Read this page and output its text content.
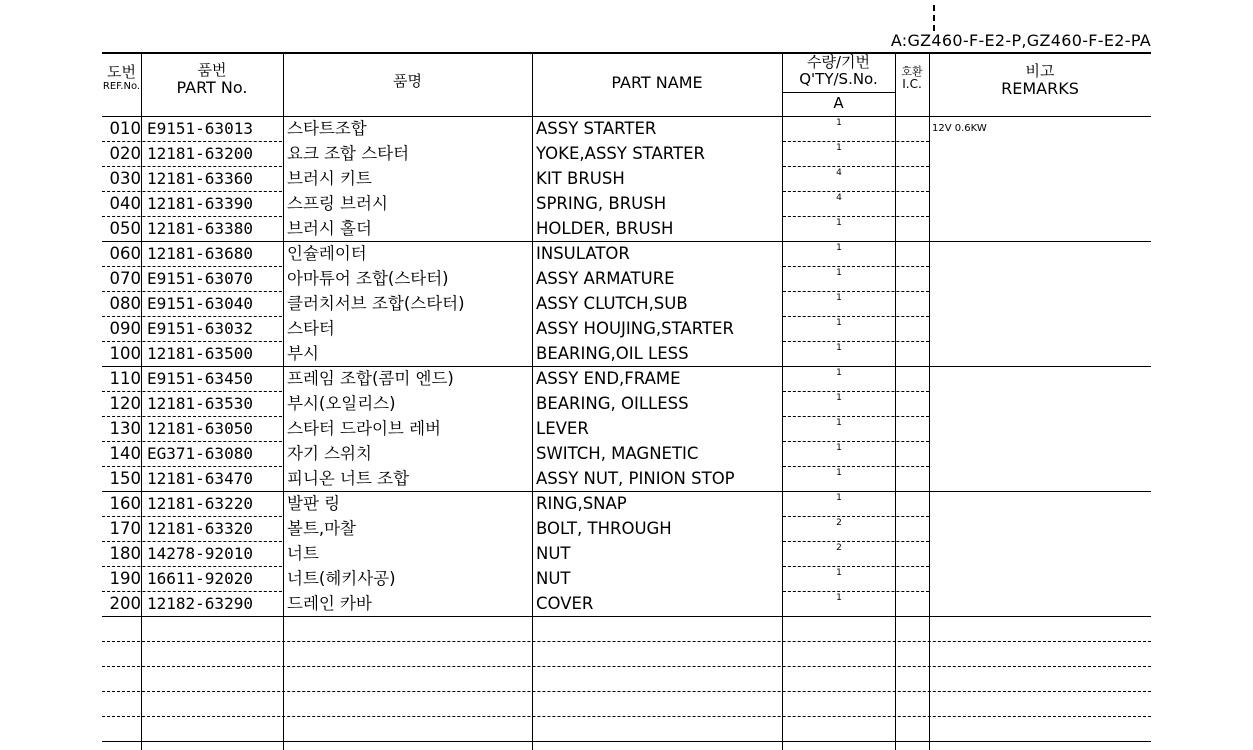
A:GZ460-F-E2-P,GZ460-F-E2-PA
도번
REF.No.
품번
PART No.	품명	PART NAME
수량/기번
Q'TY/S.No.
A
호환
I.C.
비고
REMARKS
010 E9151-63013 스타트조합	ASSY STARTER	1	12V 0.6KW
020 12181-63200 요크 조합 스타터	YOKE,ASSY STARTER	1
030 12181-63360 브러시 키트	KIT BRUSH	4
040 12181-63390 스프링 브러시	SPRING, BRUSH	4
050 12181-63380 브러시 홀더	HOLDER, BRUSH	1
060 12181-63680 인슐레이터	INSULATOR	1
070 E9151-63070 아마튜어 조합(스타터)	ASSY ARMATURE	1
080 E9151-63040 클러치서브 조합(스타터)	ASSY CLUTCH,SUB	1
090 E9151-63032 스타터	ASSY HOUJING,STARTER	1
100 12181-63500 부시	BEARING,OIL LESS	1
110 E9151-63450 프레임 조합(콤미 엔드)	ASSY END,FRAME	1
120 12181-63530 부시(오일리스)	BEARING, OILLESS	1
130 12181-63050 스타터 드라이브 레버	LEVER	1
140 EG371-63080 자기 스위치	SWITCH, MAGNETIC	1
150 12181-63470 피니온 너트 조합	ASSY NUT, PINION STOP	1
160 12181-63220 발판 링	RING,SNAP	1
170 12181-63320 볼트,마찰	BOLT, THROUGH	2
180 14278-92010 너트	NUT	2
190 16611-92020 너트(헤키사공)	NUT	1
200 12182-63290 드레인 카바	COVER	1
